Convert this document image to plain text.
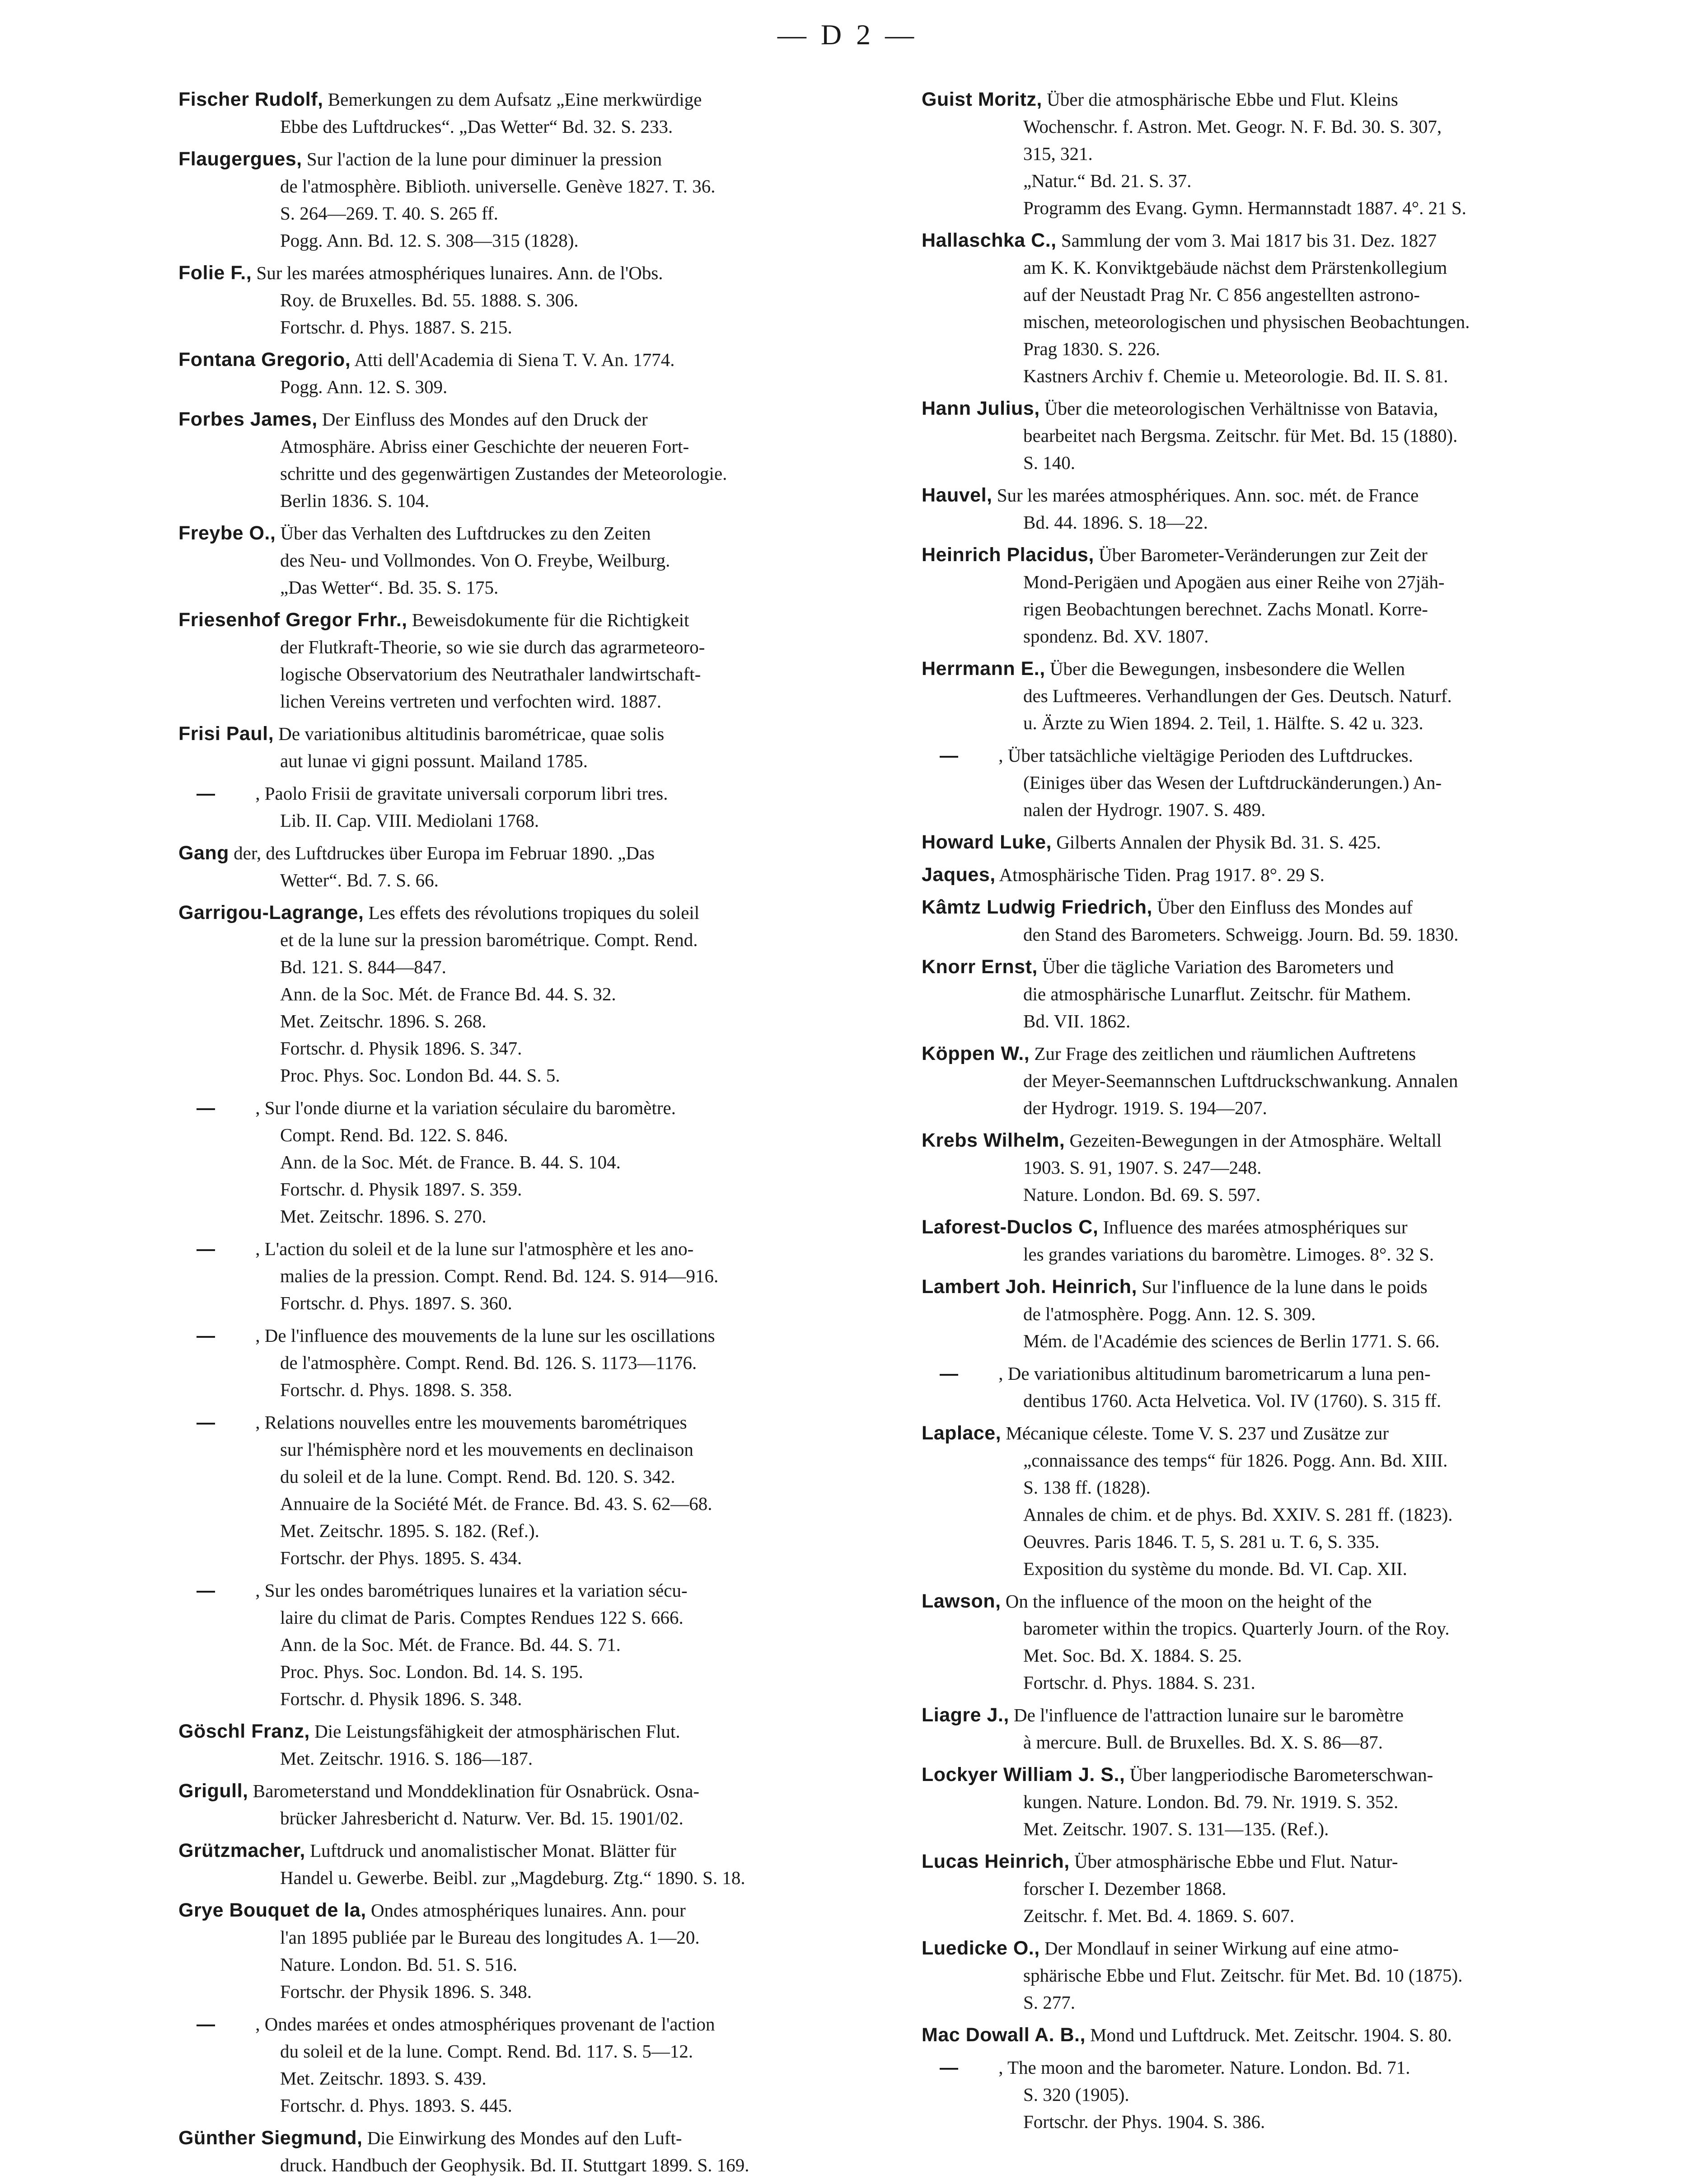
— D 2 —
Fischer Rudolf, Bemerkungen zu dem Aufsatz „Eine merkwürdige
Ebbe des Luftdruckes“. „Das Wetter“ Bd. 32. S. 233.
Flaugergues, Sur l'action de la lune pour diminuer la pression
de l'atmosphère. Biblioth. universelle. Genève 1827. T. 36.
S. 264—269. T. 40. S. 265 ff.
Pogg. Ann. Bd. 12. S. 308—315 (1828).
Folie F., Sur les marées atmosphériques lunaires. Ann. de l'Obs.
Roy. de Bruxelles. Bd. 55. 1888. S. 306.
Fortschr. d. Phys. 1887. S. 215.
Fontana Gregorio, Atti dell'Academia di Siena T. V. An. 1774.
Pogg. Ann. 12. S. 309.
Forbes James, Der Einfluss des Mondes auf den Druck der
Atmosphäre. Abriss einer Geschichte der neueren Fort-
schritte und des gegenwärtigen Zustandes der Meteorologie.
Berlin 1836. S. 104.
Freybe O., Über das Verhalten des Luftdruckes zu den Zeiten
des Neu- und Vollmondes. Von O. Freybe, Weilburg.
„Das Wetter“. Bd. 35. S. 175.
Friesenhof Gregor Frhr., Beweisdokumente für die Richtigkeit
der Flutkraft-Theorie, so wie sie durch das agrarmeteoro-
logische Observatorium des Neutrathaler landwirtschaft-
lichen Vereins vertreten und verfochten wird. 1887.
Frisi Paul, De variationibus altitudinis barométricae, quae solis
aut lunae vi gigni possunt. Mailand 1785.
— , Paolo Frisii de gravitate universali corporum libri tres.
Lib. II. Cap. VIII. Mediolani 1768.
Gang der, des Luftdruckes über Europa im Februar 1890. „Das
Wetter“. Bd. 7. S. 66.
Garrigou-Lagrange, Les effets des révolutions tropiques du soleil
et de la lune sur la pression barométrique. Compt. Rend.
Bd. 121. S. 844—847.
Ann. de la Soc. Mét. de France Bd. 44. S. 32.
Met. Zeitschr. 1896. S. 268.
Fortschr. d. Physik 1896. S. 347.
Proc. Phys. Soc. London Bd. 44. S. 5.
— , Sur l'onde diurne et la variation séculaire du baromètre.
Compt. Rend. Bd. 122. S. 846.
Ann. de la Soc. Mét. de France. B. 44. S. 104.
Fortschr. d. Physik 1897. S. 359.
Met. Zeitschr. 1896. S. 270.
— , L'action du soleil et de la lune sur l'atmosphère et les ano-
malies de la pression. Compt. Rend. Bd. 124. S. 914—916.
Fortschr. d. Phys. 1897. S. 360.
— , De l'influence des mouvements de la lune sur les oscillations
de l'atmosphère. Compt. Rend. Bd. 126. S. 1173—1176.
Fortschr. d. Phys. 1898. S. 358.
— , Relations nouvelles entre les mouvements barométriques
sur l'hémisphère nord et les mouvements en declinaison
du soleil et de la lune. Compt. Rend. Bd. 120. S. 342.
Annuaire de la Société Mét. de France. Bd. 43. S. 62—68.
Met. Zeitschr. 1895. S. 182. (Ref.).
Fortschr. der Phys. 1895. S. 434.
— , Sur les ondes barométriques lunaires et la variation sécu-
laire du climat de Paris. Comptes Rendues 122 S. 666.
Ann. de la Soc. Mét. de France. Bd. 44. S. 71.
Proc. Phys. Soc. London. Bd. 14. S. 195.
Fortschr. d. Physik 1896. S. 348.
Göschl Franz, Die Leistungsfähigkeit der atmosphärischen Flut.
Met. Zeitschr. 1916. S. 186—187.
Grigull, Barometerstand und Monddeklination für Osnabrück. Osna-
brücker Jahresbericht d. Naturw. Ver. Bd. 15. 1901/02.
Grützmacher, Luftdruck und anomalistischer Monat. Blätter für
Handel u. Gewerbe. Beibl. zur „Magdeburg. Ztg.“ 1890. S. 18.
Grye Bouquet de la, Ondes atmosphériques lunaires. Ann. pour
l'an 1895 publiée par le Bureau des longitudes A. 1—20.
Nature. London. Bd. 51. S. 516.
Fortschr. der Physik 1896. S. 348.
— , Ondes marées et ondes atmosphériques provenant de l'action
du soleil et de la lune. Compt. Rend. Bd. 117. S. 5—12.
Met. Zeitschr. 1893. S. 439.
Fortschr. d. Phys. 1893. S. 445.
Günther Siegmund, Die Einwirkung des Mondes auf den Luft-
druck. Handbuch der Geophysik. Bd. II. Stuttgart 1899. S. 169.
Guist Moritz, Über die atmosphärische Ebbe und Flut. Kleins
Wochenschr. f. Astron. Met. Geogr. N. F. Bd. 30. S. 307,
315, 321.
„Natur.“ Bd. 21. S. 37.
Programm des Evang. Gymn. Hermannstadt 1887. 4°. 21 S.
Hallaschka C., Sammlung der vom 3. Mai 1817 bis 31. Dez. 1827
am K. K. Konviktgebäude nächst dem Prärstenkollegium
auf der Neustadt Prag Nr. C 856 angestellten astrono-
mischen, meteorologischen und physischen Beobachtungen.
Prag 1830. S. 226.
Kastners Archiv f. Chemie u. Meteorologie. Bd. II. S. 81.
Hann Julius, Über die meteorologischen Verhältnisse von Batavia,
bearbeitet nach Bergsma. Zeitschr. für Met. Bd. 15 (1880).
S. 140.
Hauvel, Sur les marées atmosphériques. Ann. soc. mét. de France
Bd. 44. 1896. S. 18—22.
Heinrich Placidus, Über Barometer-Veränderungen zur Zeit der
Mond-Perigäen und Apogäen aus einer Reihe von 27jäh-
rigen Beobachtungen berechnet. Zachs Monatl. Korre-
spondenz. Bd. XV. 1807.
Herrmann E., Über die Bewegungen, insbesondere die Wellen
des Luftmeeres. Verhandlungen der Ges. Deutsch. Naturf.
u. Ärzte zu Wien 1894. 2. Teil, 1. Hälfte. S. 42 u. 323.
— , Über tatsächliche vieltägige Perioden des Luftdruckes.
(Einiges über das Wesen der Luftdruckänderungen.) An-
nalen der Hydrogr. 1907. S. 489.
Howard Luke, Gilberts Annalen der Physik Bd. 31. S. 425.
Jaques, Atmosphärische Tiden. Prag 1917. 8°. 29 S.
Kâmtz Ludwig Friedrich, Über den Einfluss des Mondes auf
den Stand des Barometers. Schweigg. Journ. Bd. 59. 1830.
Knorr Ernst, Über die tägliche Variation des Barometers und
die atmosphärische Lunarflut. Zeitschr. für Mathem.
Bd. VII. 1862.
Köppen W., Zur Frage des zeitlichen und räumlichen Auftretens
der Meyer-Seemannschen Luftdruckschwankung. Annalen
der Hydrogr. 1919. S. 194—207.
Krebs Wilhelm, Gezeiten-Bewegungen in der Atmosphäre. Weltall
1903. S. 91, 1907. S. 247—248.
Nature. London. Bd. 69. S. 597.
Laforest-Duclos C, Influence des marées atmosphériques sur
les grandes variations du baromètre. Limoges. 8°. 32 S.
Lambert Joh. Heinrich, Sur l'influence de la lune dans le poids
de l'atmosphère. Pogg. Ann. 12. S. 309.
Mém. de l'Académie des sciences de Berlin 1771. S. 66.
— , De variationibus altitudinum barometricarum a luna pen-
dentibus 1760. Acta Helvetica. Vol. IV (1760). S. 315 ff.
Laplace, Mécanique céleste. Tome V. S. 237 und Zusätze zur
„connaissance des temps“ für 1826. Pogg. Ann. Bd. XIII.
S. 138 ff. (1828).
Annales de chim. et de phys. Bd. XXIV. S. 281 ff. (1823).
Oeuvres. Paris 1846. T. 5, S. 281 u. T. 6, S. 335.
Exposition du système du monde. Bd. VI. Cap. XII.
Lawson, On the influence of the moon on the height of the
barometer within the tropics. Quarterly Journ. of the Roy.
Met. Soc. Bd. X. 1884. S. 25.
Fortschr. d. Phys. 1884. S. 231.
Liagre J., De l'influence de l'attraction lunaire sur le baromètre
à mercure. Bull. de Bruxelles. Bd. X. S. 86—87.
Lockyer William J. S., Über langperiodische Barometerschwan-
kungen. Nature. London. Bd. 79. Nr. 1919. S. 352.
Met. Zeitschr. 1907. S. 131—135. (Ref.).
Lucas Heinrich, Über atmosphärische Ebbe und Flut. Natur-
forscher I. Dezember 1868.
Zeitschr. f. Met. Bd. 4. 1869. S. 607.
Luedicke O., Der Mondlauf in seiner Wirkung auf eine atmo-
sphärische Ebbe und Flut. Zeitschr. für Met. Bd. 10 (1875).
S. 277.
Mac Dowall A. B., Mond und Luftdruck. Met. Zeitschr. 1904. S. 80.
— , The moon and the barometer. Nature. London. Bd. 71.
S. 320 (1905).
Fortschr. der Phys. 1904. S. 386.
